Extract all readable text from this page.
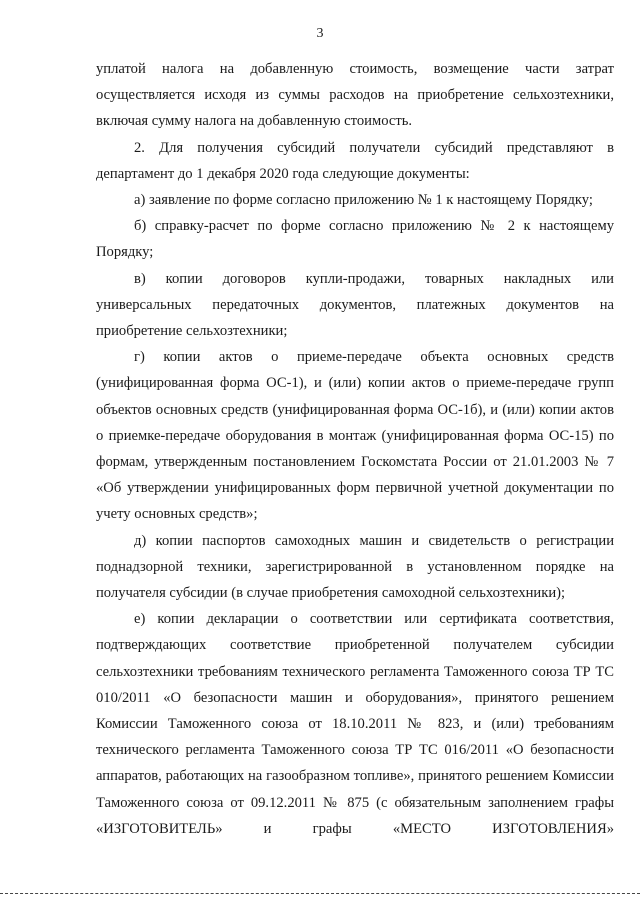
3

уплатой налога на добавленную стоимость, возмещение части затрат осуществляется исходя из суммы расходов на приобретение сельхозтехники, включая сумму налога на добавленную стоимость.

2. Для получения субсидий получатели субсидий представляют в департамент до 1 декабря 2020 года следующие документы:

а) заявление по форме согласно приложению № 1 к настоящему Порядку;

б) справку-расчет по форме согласно приложению № 2 к настоящему Порядку;

в) копии договоров купли-продажи, товарных накладных или универсальных передаточных документов, платежных документов на приобретение сельхозтехники;

г) копии актов о приеме-передаче объекта основных средств (унифицированная форма ОС-1), и (или) копии актов о приеме-передаче групп объектов основных средств (унифицированная форма ОС-1б), и (или) копии актов о приемке-передаче оборудования в монтаж (унифицированная форма ОС-15) по формам, утвержденным постановлением Госкомстата России от 21.01.2003 № 7 «Об утверждении унифицированных форм первичной учетной документации по учету основных средств»;

д) копии паспортов самоходных машин и свидетельств о регистрации поднадзорной техники, зарегистрированной в установленном порядке на получателя субсидии (в случае приобретения самоходной сельхозтехники);

е) копии декларации о соответствии или сертификата соответствия, подтверждающих соответствие приобретенной получателем субсидии сельхозтехники требованиям технического регламента Таможенного союза ТР ТС 010/2011 «О безопасности машин и оборудования», принятого решением Комиссии Таможенного союза от 18.10.2011 № 823, и (или) требованиям технического регламента Таможенного союза ТР ТС 016/2011 «О безопасности аппаратов, работающих на газообразном топливе», принятого решением Комиссии Таможенного союза от 09.12.2011 № 875 (с обязательным заполнением графы «ИЗГОТОВИТЕЛЬ» и графы «МЕСТО ИЗГОТОВЛЕНИЯ»
